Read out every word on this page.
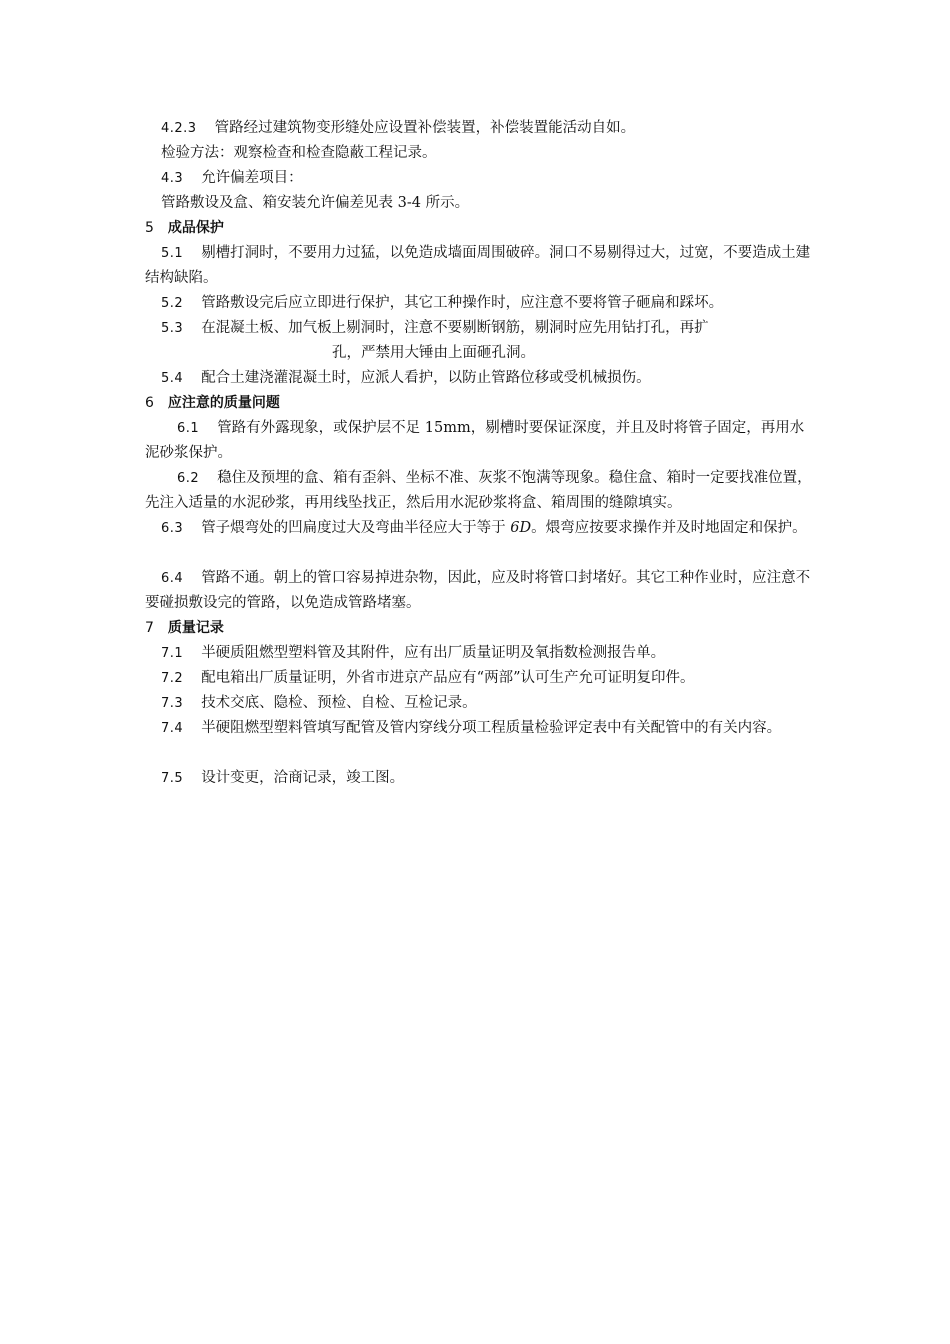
4.2.3 管路经过建筑物变形缝处应设置补偿装置，补偿装置能活动自如。

检验方法：观察检查和检查隐蔽工程记录。

4.3 允许偏差项目：

管路敷设及盒、箱安装允许偏差见表 3-4 所示。

5 成品保护

5.1 剔槽打洞时，不要用力过猛，以免造成墙面周围破碎。洞口不易剔得过大，过宽，不要造成土建结构缺陷。

5.2 管路敷设完后应立即进行保护，其它工种操作时，应注意不要将管子砸扁和踩坏。

5.3 在混凝土板、加气板上剔洞时，注意不要剔断钢筋，剔洞时应先用钻打孔，再扩

孔，严禁用大锤由上面砸孔洞。

5.4 配合土建浇灌混凝土时，应派人看护，以防止管路位移或受机械损伤。

6 应注意的质量问题

6.1 管路有外露现象，或保护层不足 15mm，剔槽时要保证深度，并且及时将管子固定，再用水泥砂浆保护。

6.2 稳住及预埋的盒、箱有歪斜、坐标不准、灰浆不饱满等现象。稳住盒、箱时一定要找准位置，先注入适量的水泥砂浆，再用线坠找正，然后用水泥砂浆将盒、箱周围的缝隙填实。

6.3 管子煨弯处的凹扁度过大及弯曲半径应大于等于 6D。煨弯应按要求操作并及时地固定和保护。

6.4 管路不通。朝上的管口容易掉进杂物，因此，应及时将管口封堵好。其它工种作业时，应注意不要碰损敷设完的管路，以免造成管路堵塞。

7 质量记录

7.1 半硬质阻燃型塑料管及其附件，应有出厂质量证明及氧指数检测报告单。

7.2 配电箱出厂质量证明，外省市进京产品应有“两部”认可生产允可证明复印件。

7.3 技术交底、隐检、预检、自检、互检记录。

7.4 半硬阻燃型塑料管填写配管及管内穿线分项工程质量检验评定表中有关配管中的有关内容。

7.5 设计变更，洽商记录，竣工图。
